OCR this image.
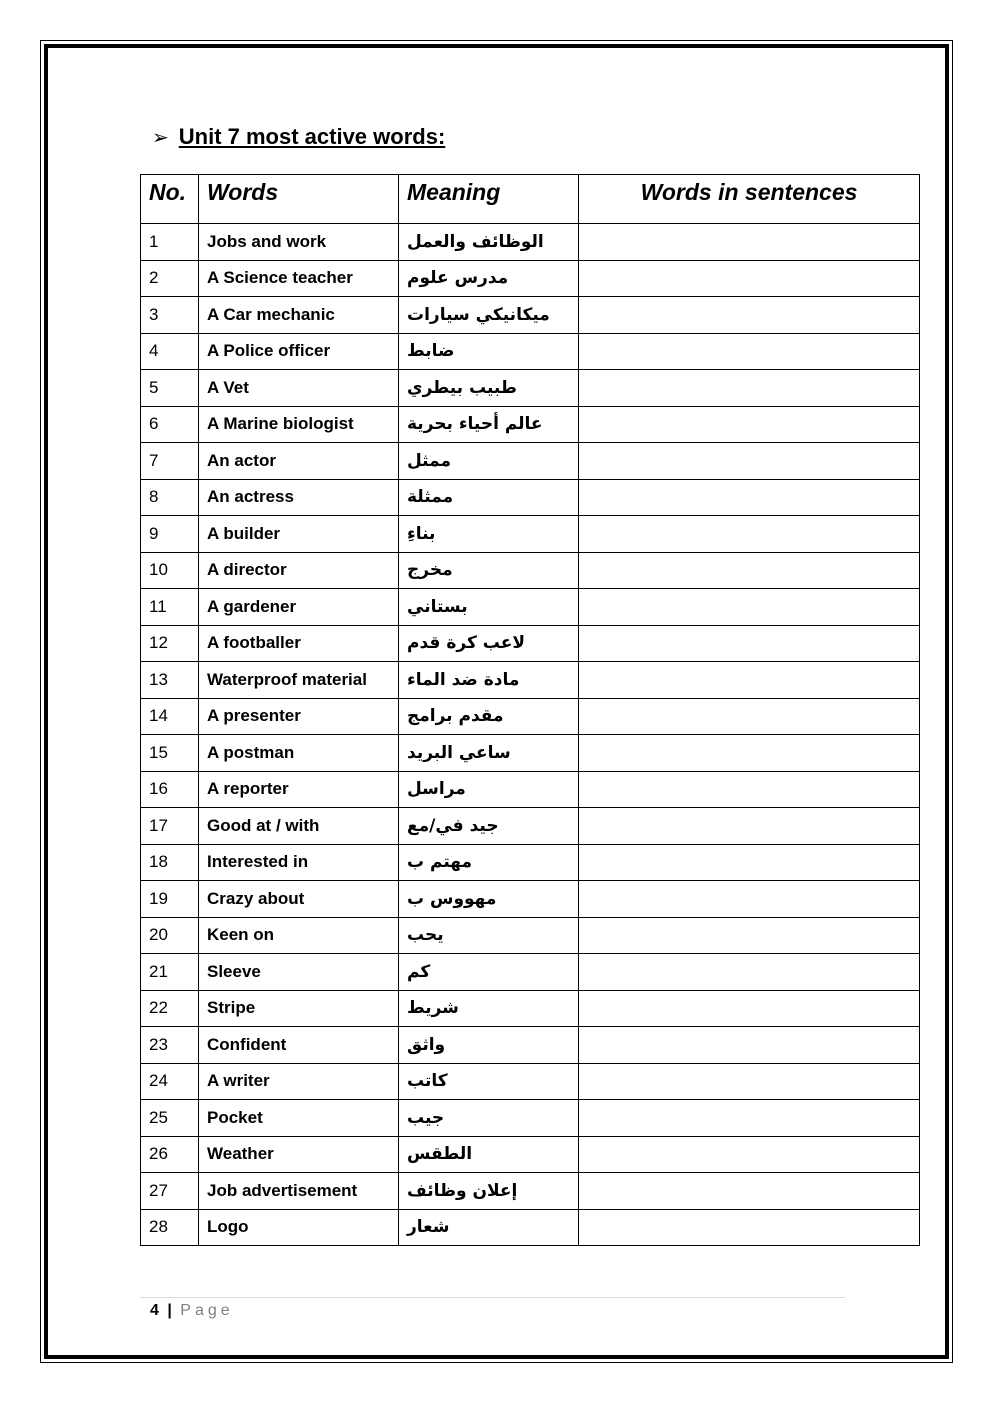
➢ Unit 7 most active words:
No.	Words	Meaning	Words in sentences
1	Jobs and work	الوظائف والعمل	
2	A Science teacher	مدرس علوم	
3	A Car mechanic	ميكانيكي سيارات	
4	A Police officer	ضابط	
5	A Vet	طبيب بيطري	
6	A Marine biologist	عالم أحياء بحرية	
7	An actor	ممثل	
8	An actress	ممثلة	
9	A builder	بناءِ	
10	A director	مخرج	
11	A gardener	بستاني	
12	A footballer	لاعب كرة قدم	
13	Waterproof material	مادة ضد الماء	
14	A presenter	مقدم برامج	
15	A postman	ساعي البريد	
16	A reporter	مراسل	
17	Good at / with	جيد في/مع	
18	Interested in	مهتم ب	
19	Crazy about	مهووس ب	
20	Keen on	يحب	
21	Sleeve	كم	
22	Stripe	شريط	
23	Confident	واثق	
24	A writer	كاتب	
25	Pocket	جيب	
26	Weather	الطقس	
27	Job advertisement	إعلان وظائف	
28	Logo	شعار	
4 | Page
